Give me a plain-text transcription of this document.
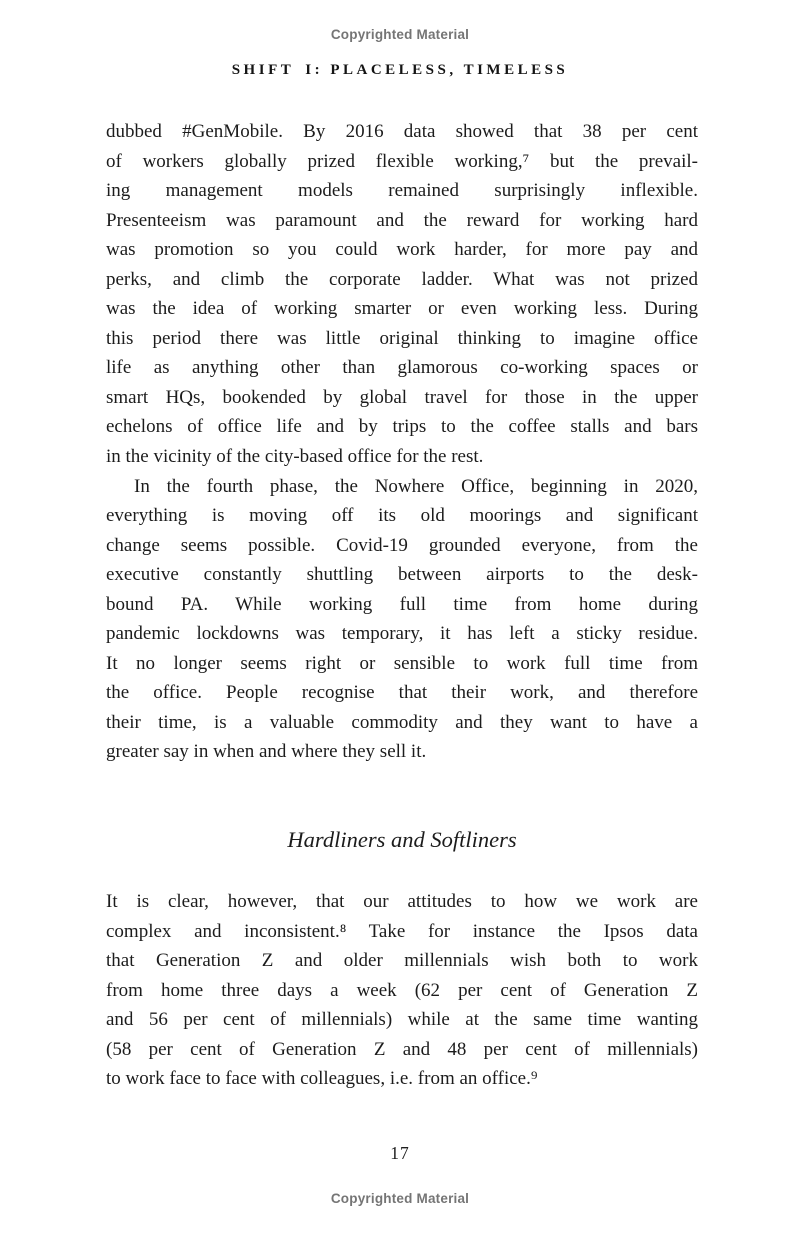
Copyrighted Material
SHIFT I: PLACELESS, TIMELESS
dubbed #GenMobile. By 2016 data showed that 38 per cent
of workers globally prized flexible working,⁷ but the prevail-
ing management models remained surprisingly inflexible.
Presenteeism was paramount and the reward for working hard
was promotion so you could work harder, for more pay and
perks, and climb the corporate ladder. What was not prized
was the idea of working smarter or even working less. During
this period there was little original thinking to imagine office
life as anything other than glamorous co-working spaces or
smart HQs, bookended by global travel for those in the upper
echelons of office life and by trips to the coffee stalls and bars
in the vicinity of the city-based office for the rest.
In the fourth phase, the Nowhere Office, beginning in 2020,
everything is moving off its old moorings and significant
change seems possible. Covid-19 grounded everyone, from the
executive constantly shuttling between airports to the desk-
bound PA. While working full time from home during
pandemic lockdowns was temporary, it has left a sticky residue.
It no longer seems right or sensible to work full time from
the office. People recognise that their work, and therefore
their time, is a valuable commodity and they want to have a
greater say in when and where they sell it.
Hardliners and Softliners
It is clear, however, that our attitudes to how we work are
complex and inconsistent.⁸ Take for instance the Ipsos data
that Generation Z and older millennials wish both to work
from home three days a week (62 per cent of Generation Z
and 56 per cent of millennials) while at the same time wanting
(58 per cent of Generation Z and 48 per cent of millennials)
to work face to face with colleagues, i.e. from an office.⁹
17
Copyrighted Material
